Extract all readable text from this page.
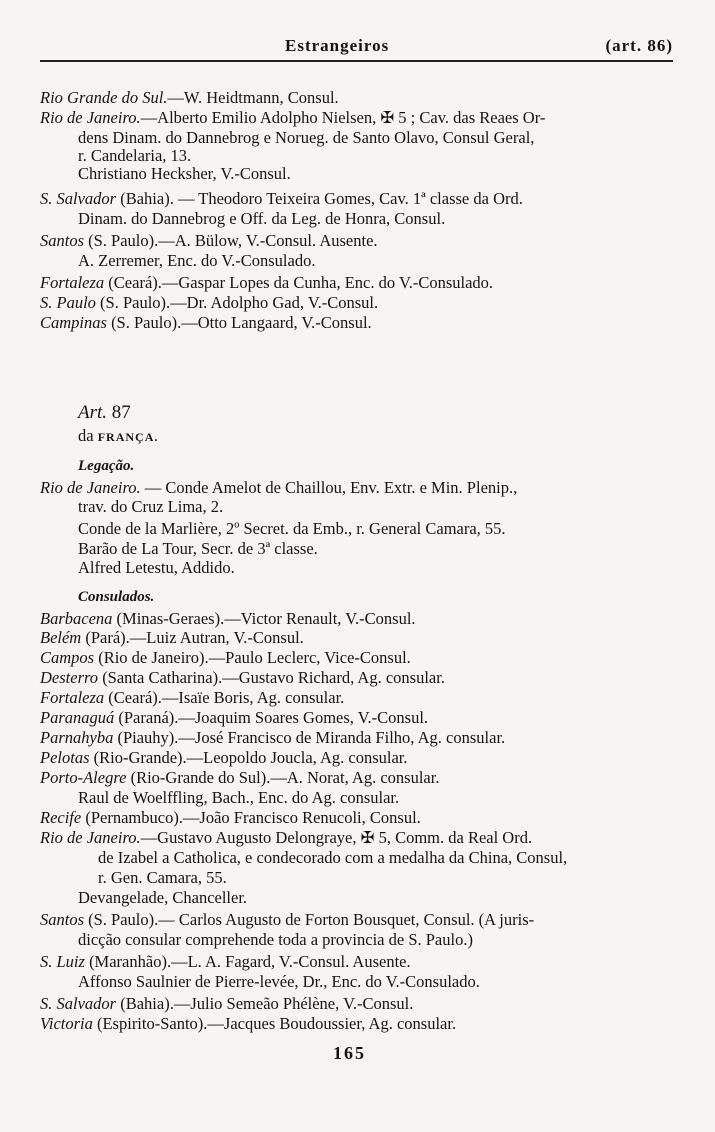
Estrangeiros	(art. 86)
Rio Grande do Sul.—W. Heidtmann, Consul.
Rio de Janeiro.—Alberto Emilio Adolpho Nielsen, ✠ 5 ; Cav. das Reaes Or-
dens Dinam. do Dannebrog e Norueg. de Santo Olavo, Consul Geral,
r. Candelaria, 13.
Christiano Hecksher, V.-Consul.
S. Salvador (Bahia). — Theodoro Teixeira Gomes, Cav. 1ª classe da Ord.
Dinam. do Dannebrog e Off. da Leg. de Honra, Consul.
Santos (S. Paulo).—A. Bülow, V.-Consul. Ausente.
A. Zerremer, Enc. do V.-Consulado.
Fortaleza (Ceará).—Gaspar Lopes da Cunha, Enc. do V.-Consulado.
S. Paulo (S. Paulo).—Dr. Adolpho Gad, V.-Consul.
Campinas (S. Paulo).—Otto Langaard, V.-Consul.
Art. 87
da FRANÇA.
Legação.
Rio de Janeiro. — Conde Amelot de Chaillou, Env. Extr. e Min. Plenip.,
trav. do Cruz Lima, 2.
Conde de la Marlière, 2º Secret. da Emb., r. General Camara, 55.
Barão de La Tour, Secr. de 3ª classe.
Alfred Letestu, Addido.
Consulados.
Barbacena (Minas-Geraes).—Victor Renault, V.-Consul.
Belém (Pará).—Luiz Autran, V.-Consul.
Campos (Rio de Janeiro).—Paulo Leclerc, Vice-Consul.
Desterro (Santa Catharina).—Gustavo Richard, Ag. consular.
Fortaleza (Ceará).—Isaïe Boris, Ag. consular.
Paranaguá (Paraná).—Joaquim Soares Gomes, V.-Consul.
Parnahyba (Piauhy).—José Francisco de Miranda Filho, Ag. consular.
Pelotas (Rio-Grande).—Leopoldo Joucla, Ag. consular.
Porto-Alegre (Rio-Grande do Sul).—A. Norat, Ag. consular.
Raul de Woelffling, Bach., Enc. do Ag. consular.
Recife (Pernambuco).—João Francisco Renucoli, Consul.
Rio de Janeiro.—Gustavo Augusto Delongraye, ✠ 5, Comm. da Real Ord.
de Izabel a Catholica, e condecorado com a medalha da China, Consul,
r. Gen. Camara, 55.
Devangelade, Chanceller.
Santos (S. Paulo).— Carlos Augusto de Forton Bousquet, Consul. (A juris-
dicção consular comprehende toda a provincia de S. Paulo.)
S. Luiz (Maranhão).—L. A. Fagard, V.-Consul. Ausente.
Affonso Saulnier de Pierre-levée, Dr., Enc. do V.-Consulado.
S. Salvador (Bahia).—Julio Semeão Phélène, V.-Consul.
Victoria (Espirito-Santo).—Jacques Boudoussier, Ag. consular.
165
